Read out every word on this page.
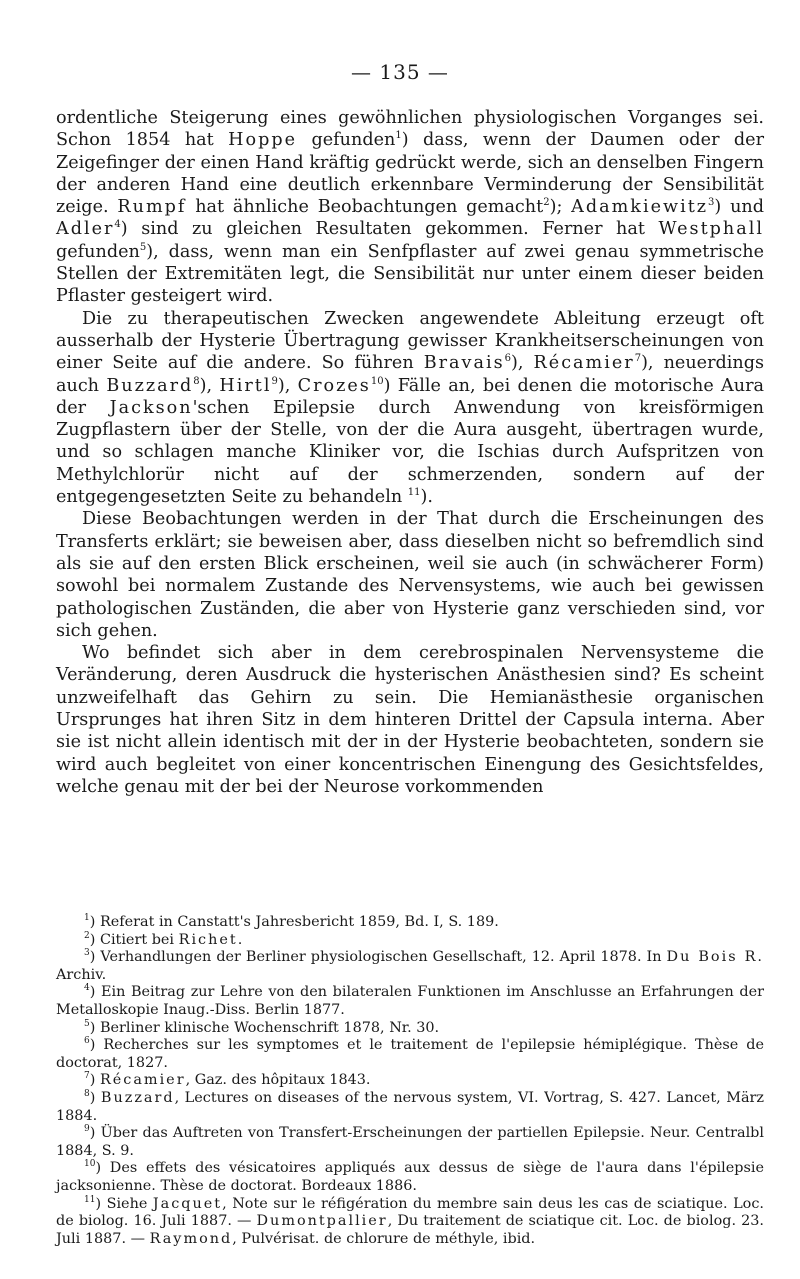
— 135 —

ordentliche Steigerung eines gewöhnlichen physiologischen Vorganges sei. Schon 1854 hat Hoppe gefunden$^1$) dass, wenn der Daumen oder der Zeigefinger der einen Hand kräftig gedrückt werde, sich an denselben Fingern der anderen Hand eine deutlich erkennbare Verminderung der Sensibilität zeige. Rumpf hat ähnliche Beobachtungen gemacht$^2$); Adamkiewitz$^3$) und Adler$^4$) sind zu gleichen Resultaten gekommen. Ferner hat Westphall gefunden$^5$), dass, wenn man ein Senfpflaster auf zwei genau symmetrische Stellen der Extremitäten legt, die Sensibilität nur unter einem dieser beiden Pflaster gesteigert wird.

Die zu therapeutischen Zwecken angewendete Ableitung erzeugt oft ausserhalb der Hysterie Übertragung gewisser Krankheitserscheinungen von einer Seite auf die andere. So führen Bravais$^6$), Récamier$^7$), neuerdings auch Buzzard$^8$), Hirtl$^9$), Crozes$^{10}$) Fälle an, bei denen die motorische Aura der Jackson'schen Epilepsie durch Anwendung von kreisförmigen Zugpflastern über der Stelle, von der die Aura ausgeht, übertragen wurde, und so schlagen manche Kliniker vor, die Ischias durch Aufspritzen von Methylchlorür nicht auf der schmerzenden, sondern auf der entgegengesetzten Seite zu behandeln $^{11}$).

Diese Beobachtungen werden in der That durch die Erscheinungen des Transferts erklärt; sie beweisen aber, dass dieselben nicht so befremdlich sind als sie auf den ersten Blick erscheinen, weil sie auch (in schwächerer Form) sowohl bei normalem Zustande des Nervensystems, wie auch bei gewissen pathologischen Zuständen, die aber von Hysterie ganz verschieden sind, vor sich gehen.

Wo befindet sich aber in dem cerebrospinalen Nervensysteme die Veränderung, deren Ausdruck die hysterischen Anästhesien sind? Es scheint unzweifelhaft das Gehirn zu sein. Die Hemianästhesie organischen Ursprunges hat ihren Sitz in dem hinteren Drittel der Capsula interna. Aber sie ist nicht allein identisch mit der in der Hysterie beobachteten, sondern sie wird auch begleitet von einer koncentrischen Einengung des Gesichtsfeldes, welche genau mit der bei der Neurose vorkommenden

$^1$) Referat in Canstatt's Jahresbericht 1859, Bd. I, S. 189.

$^2$) Citiert bei Richet.

$^3$) Verhandlungen der Berliner physiologischen Gesellschaft, 12. April 1878. In Du Bois R. Archiv.

$^4$) Ein Beitrag zur Lehre von den bilateralen Funktionen im Anschlusse an Erfahrungen der Metalloskopie Inaug.-Diss. Berlin 1877.

$^5$) Berliner klinische Wochenschrift 1878, Nr. 30.

$^6$) Recherches sur les symptomes et le traitement de l'epilepsie hémiplégique. Thèse de doctorat, 1827.

$^7$) Récamier, Gaz. des hôpitaux 1843.

$^8$) Buzzard, Lectures on diseases of the nervous system, VI. Vortrag, S. 427. Lancet, März 1884.

$^9$) Über das Auftreten von Transfert-Erscheinungen der partiellen Epilepsie. Neur. Centralbl 1884, S. 9.

$^{10}$) Des effets des vésicatoires appliqués aux dessus de siège de l'aura dans l'épilepsie jacksonienne. Thèse de doctorat. Bordeaux 1886.

$^{11}$) Siehe Jacquet, Note sur le réfigération du membre sain deus les cas de sciatique. Loc. de biolog. 16. Juli 1887. — Dumontpallier, Du traitement de sciatique cit. Loc. de biolog. 23. Juli 1887. — Raymond, Pulvérisat. de chlorure de méthyle, ibid.
